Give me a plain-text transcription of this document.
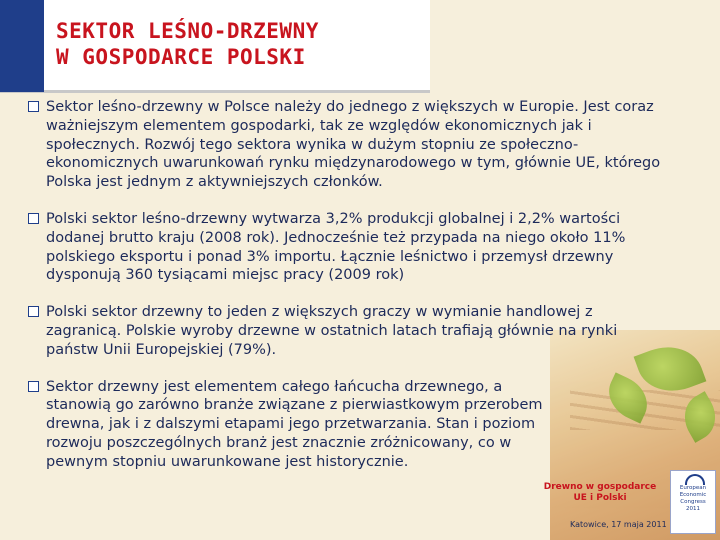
SEKTOR LEŚNO-DRZEWNY
W GOSPODARCE POLSKI

Sektor leśno-drzewny w Polsce należy do jednego z większych w Europie. Jest coraz ważniejszym elementem gospodarki, tak ze względów ekonomicznych jak i społecznych. Rozwój tego sektora wynika w dużym stopniu ze społeczno-ekonomicznych uwarunkowań rynku międzynarodowego w tym, głównie UE, którego Polska jest jednym z aktywniejszych członków.

Polski sektor leśno-drzewny wytwarza 3,2% produkcji globalnej i 2,2% wartości dodanej brutto kraju (2008 rok). Jednocześnie też przypada na niego około 11% polskiego eksportu i ponad 3% importu. Łącznie leśnictwo i przemysł drzewny dysponują 360 tysiącami miejsc pracy (2009 rok)

Polski sektor drzewny to jeden z większych graczy w wymianie handlowej z zagranicą. Polskie wyroby drzewne w ostatnich latach trafiają głównie na rynki państw Unii Europejskiej (79%).

Sektor drzewny jest elementem całego łańcucha drzewnego, a stanowią go zarówno branże związane z pierwiastkowym przerobem drewna, jak i z dalszymi etapami jego przetwarzania. Stan i poziom rozwoju poszczególnych branż jest znacznie zróżnicowany, co w pewnym stopniu uwarunkowane jest historycznie.

Drewno w gospodarce
UE i Polski
Katowice, 17 maja 2011
European
Economic
Congress
2011
